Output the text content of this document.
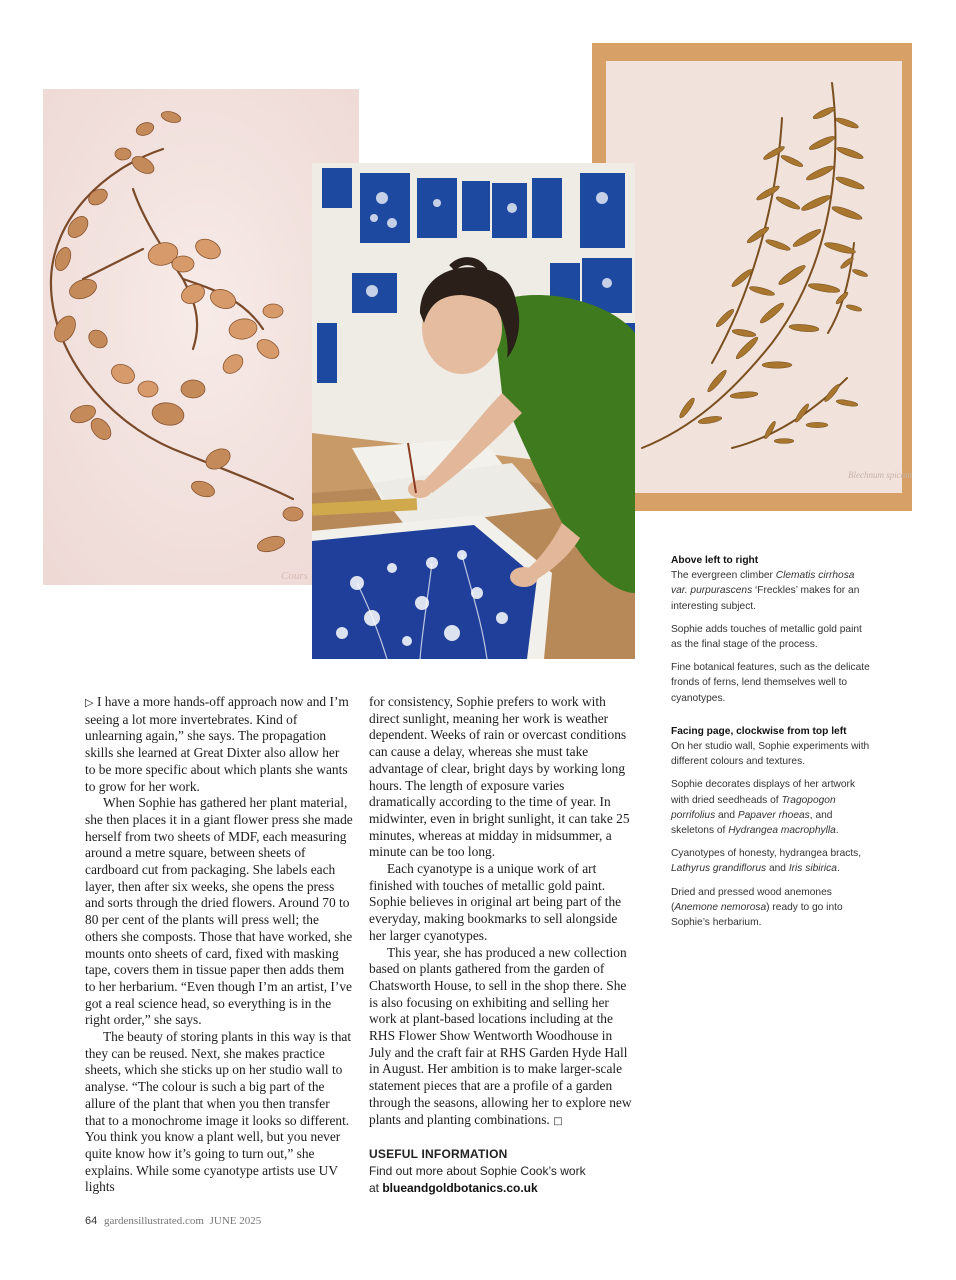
Cours
Blechnum spicant

▷ I have a more hands-off approach now and I’m seeing a lot more invertebrates. Kind of unlearning again,” she says. The propagation skills she learned at Great Dixter also allow her to be more specific about which plants she wants to grow for her work.

When Sophie has gathered her plant material, she then places it in a giant flower press she made herself from two sheets of MDF, each measuring around a metre square, between sheets of cardboard cut from packaging. She labels each layer, then after six weeks, she opens the press and sorts through the dried flowers. Around 70 to 80 per cent of the plants will press well; the others she composts. Those that have worked, she mounts onto sheets of card, fixed with masking tape, covers them in tissue paper then adds them to her herbarium. “Even though I’m an artist, I’ve got a real science head, so everything is in the right order,” she says.

The beauty of storing plants in this way is that they can be reused. Next, she makes practice sheets, which she sticks up on her studio wall to analyse. “The colour is such a big part of the allure of the plant that when you then transfer that to a monochrome image it looks so different. You think you know a plant well, but you never quite know how it’s going to turn out,” she explains. While some cyanotype artists use UV lights

for consistency, Sophie prefers to work with direct sunlight, meaning her work is weather dependent. Weeks of rain or overcast conditions can cause a delay, whereas she must take advantage of clear, bright days by working long hours. The length of exposure varies dramatically according to the time of year. In midwinter, even in bright sunlight, it can take 25 minutes, whereas at midday in midsummer, a minute can be too long.

Each cyanotype is a unique work of art finished with touches of metallic gold paint. Sophie believes in original art being part of the everyday, making bookmarks to sell alongside her larger cyanotypes.

This year, she has produced a new collection based on plants gathered from the garden of Chatsworth House, to sell in the shop there. She is also focusing on exhibiting and selling her work at plant-based locations including at the RHS Flower Show Wentworth Woodhouse in July and the craft fair at RHS Garden Hyde Hall in August. Her ambition is to make larger-scale statement pieces that are a profile of a garden through the seasons, allowing her to explore new plants and planting combinations. □

USEFUL INFORMATION
Find out more about Sophie Cook’s work
at blueandgoldbotanics.co.uk
Above left to right

The evergreen climber Clematis cirrhosa var. purpurascens ‘Freckles’ makes for an interesting subject.

Sophie adds touches of metallic gold paint as the final stage of the process.

Fine botanical features, such as the delicate fronds of ferns, lend themselves well to cyanotypes.

Facing page, clockwise from top left

On her studio wall, Sophie experiments with different colours and textures.

Sophie decorates displays of her artwork with dried seedheads of Tragopogon porrifolius and Papaver rhoeas, and skeletons of Hydrangea macrophylla.

Cyanotypes of honesty, hydrangea bracts, Lathyrus grandiflorus and Iris sibirica.

Dried and pressed wood anemones (Anemone nemorosa) ready to go into Sophie’s herbarium.

64 gardensillustrated.com JUNE 2025
